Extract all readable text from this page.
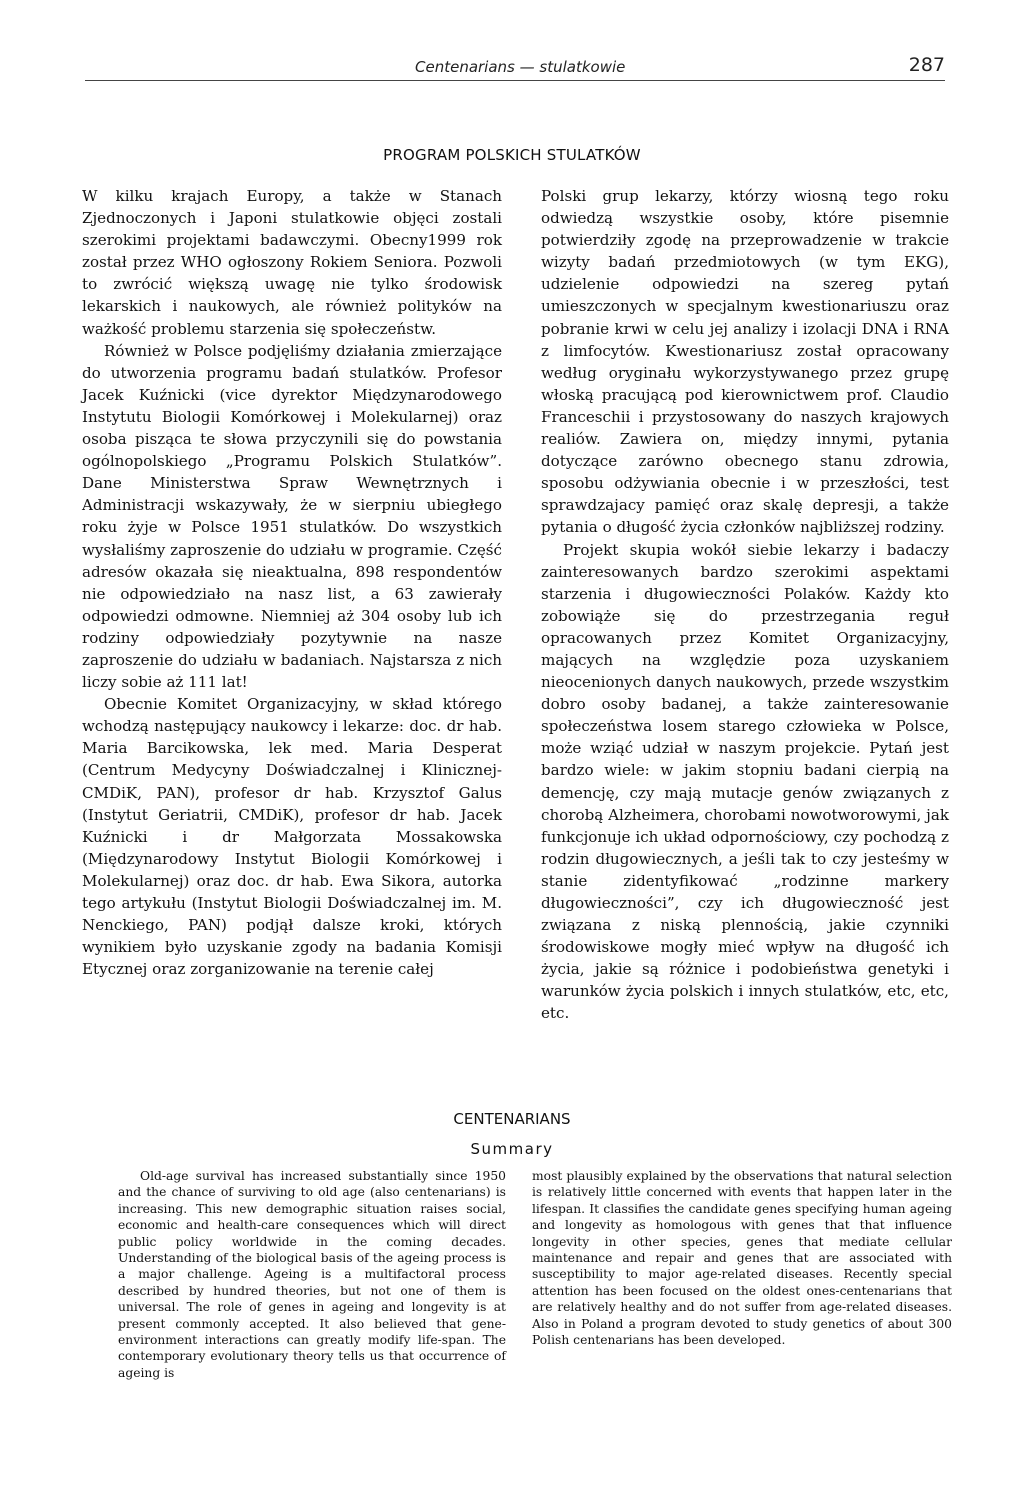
Centenarians — stulatkowie	287
PROGRAM POLSKICH STULATKÓW

W kilku krajach Europy, a także w Stanach Zjednoczonych i Japoni stulatkowie objęci zostali szerokimi projektami badawczymi. Obecny1999 rok został przez WHO ogłoszony Rokiem Seniora. Pozwoli to zwrócić większą uwagę nie tylko środowisk lekarskich i naukowych, ale również polityków na ważkość problemu starzenia się społeczeństw.

Również w Polsce podjęliśmy działania zmierzające do utworzenia programu badań stulatków. Profesor Jacek Kuźnicki (vice dyrektor Międzynarodowego Instytutu Biologii Komórkowej i Molekularnej) oraz osoba pisząca te słowa przyczynili się do powstania ogólnopolskiego „Programu Polskich Stulatków”. Dane Ministerstwa Spraw Wewnętrznych i Administracji wskazywały, że w sierpniu ubiegłego roku żyje w Polsce 1951 stulatków. Do wszystkich wysłaliśmy zaproszenie do udziału w programie. Część adresów okazała się nieaktualna, 898 respondentów nie odpowiedziało na nasz list, a 63 zawierały odpowiedzi odmowne. Niemniej aż 304 osoby lub ich rodziny odpowiedziały pozytywnie na nasze zaproszenie do udziału w badaniach. Najstarsza z nich liczy sobie aż 111 lat!

Obecnie Komitet Organizacyjny, w skład którego wchodzą następujący naukowcy i lekarze: doc. dr hab. Maria Barcikowska, lek med. Maria Desperat (Centrum Medycyny Doświadczalnej i Klinicznej-CMDiK, PAN), profesor dr hab. Krzysztof Galus (Instytut Geriatrii, CMDiK), profesor dr hab. Jacek Kuźnicki i dr Małgorzata Mossakowska (Międzynarodowy Instytut Biologii Komórkowej i Molekularnej) oraz doc. dr hab. Ewa Sikora, autorka tego artykułu (Instytut Biologii Doświadczalnej im. M. Nenckiego, PAN) podjął dalsze kroki, których wynikiem było uzyskanie zgody na badania Komisji Etycznej oraz zorganizowanie na terenie całej

Polski grup lekarzy, którzy wiosną tego roku odwiedzą wszystkie osoby, które pisemnie potwierdziły zgodę na przeprowadzenie w trakcie wizyty badań przedmiotowych (w tym EKG), udzielenie odpowiedzi na szereg pytań umieszczonych w specjalnym kwestionariuszu oraz pobranie krwi w celu jej analizy i izolacji DNA i RNA z limfocytów. Kwestionariusz został opracowany według oryginału wykorzystywanego przez grupę włoską pracującą pod kierownictwem prof. Claudio Franceschii i przystosowany do naszych krajowych realiów. Zawiera on, między innymi, pytania dotyczące zarówno obecnego stanu zdrowia, sposobu odżywiania obecnie i w przeszłości, test sprawdzajacy pamięć oraz skalę depresji, a także pytania o długość życia członków najbliższej rodziny.

Projekt skupia wokół siebie lekarzy i badaczy zainteresowanych bardzo szerokimi aspektami starzenia i długowieczności Polaków. Każdy kto zobowiąże się do przestrzegania reguł opracowanych przez Komitet Organizacyjny, mających na względzie poza uzyskaniem nieocenionych danych naukowych, przede wszystkim dobro osoby badanej, a także zainteresowanie społeczeństwa losem starego człowieka w Polsce, może wziąć udział w naszym projekcie. Pytań jest bardzo wiele: w jakim stopniu badani cierpią na demencję, czy mają mutacje genów związanych z chorobą Alzheimera, chorobami nowotworowymi, jak funkcjonuje ich układ odpornościowy, czy pochodzą z rodzin długowiecznych, a jeśli tak to czy jesteśmy w stanie zidentyfikować „rodzinne markery długowieczności”, czy ich długowieczność jest związana z niską plennością, jakie czynniki środowiskowe mogły mieć wpływ na długość ich życia, jakie są różnice i podobieństwa genetyki i warunków życia polskich i innych stulatków, etc, etc, etc.

CENTENARIANS
Summary
Old-age survival has increased substantially since 1950 and the chance of surviving to old age (also centenarians) is increasing. This new demographic situation raises social, economic and health-care consequences which will direct public policy worldwide in the coming decades. Understanding of the biological basis of the ageing process is a major challenge. Ageing is a multifactoral process described by hundred theories, but not one of them is universal. The role of genes in ageing and longevity is at present commonly accepted. It also believed that gene-environment interactions can greatly modify life-span. The contemporary evolutionary theory tells us that occurrence of ageing is
most plausibly explained by the observations that natural selection is relatively little concerned with events that happen later in the lifespan. It classifies the candidate genes specifying human ageing and longevity as homologous with genes that that influence longevity in other species, genes that mediate cellular maintenance and repair and genes that are associated with susceptibility to major age-related diseases. Recently special attention has been focused on the oldest ones-centenarians that are relatively healthy and do not suffer from age-related diseases. Also in Poland a program devoted to study genetics of about 300 Polish centenarians has been developed.
